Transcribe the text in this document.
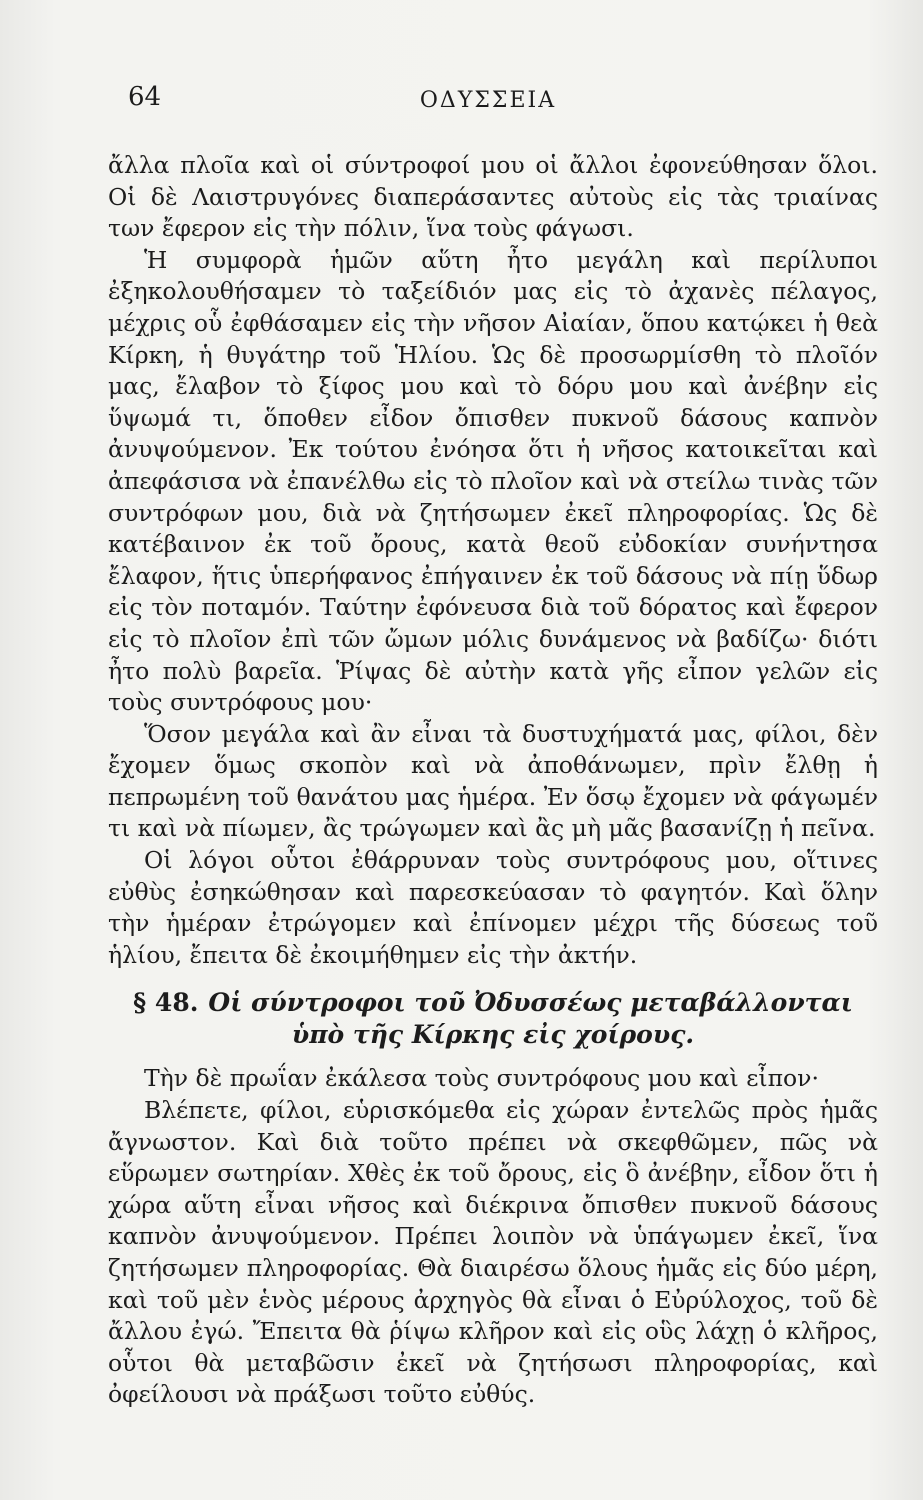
64	ΟΔΥΣΣΕΙΑ

ἄλλα πλοῖα καὶ οἱ σύντροφοί μου οἱ ἄλλοι ἐφονεύθησαν ὅλοι. Οἱ δὲ Λαιστρυγόνες διαπεράσαντες αὐτοὺς εἰς τὰς τριαίνας των ἔφερον εἰς τὴν πόλιν, ἵνα τοὺς φάγωσι.

Ἡ συμφορὰ ἡμῶν αὕτη ἦτο μεγάλη καὶ περίλυποι ἐξηκολουθήσαμεν τὸ ταξείδιόν μας εἰς τὸ ἀχανὲς πέλαγος, μέχρις οὗ ἐφθάσαμεν εἰς τὴν νῆσον Αἰαίαν, ὅπου κατῴκει ἡ θεὰ Κίρκη, ἡ θυγάτηρ τοῦ Ἡλίου. Ὡς δὲ προσωρμίσθη τὸ πλοῖόν μας, ἔλαβον τὸ ξίφος μου καὶ τὸ δόρυ μου καὶ ἀνέβην εἰς ὕψωμά τι, ὅποθεν εἶδον ὄπισθεν πυκνοῦ δάσους καπνὸν ἀνυψούμενον. Ἐκ τούτου ἐνόησα ὅτι ἡ νῆσος κατοικεῖται καὶ ἀπεφάσισα νὰ ἐπανέλθω εἰς τὸ πλοῖον καὶ νὰ στείλω τινὰς τῶν συντρόφων μου, διὰ νὰ ζητήσωμεν ἐκεῖ πληροφορίας. Ὡς δὲ κατέβαινον ἐκ τοῦ ὄρους, κατὰ θεοῦ εὐδοκίαν συνήντησα ἔλαφον, ἥτις ὑπερήφανος ἐπήγαινεν ἐκ τοῦ δάσους νὰ πίῃ ὕδωρ εἰς τὸν ποταμόν. Ταύτην ἐφόνευσα διὰ τοῦ δόρατος καὶ ἔφερον εἰς τὸ πλοῖον ἐπὶ τῶν ὤμων μόλις δυνάμενος νὰ βαδίζω· διότι ἦτο πολὺ βαρεῖα. Ῥίψας δὲ αὐτὴν κατὰ γῆς εἶπον γελῶν εἰς τοὺς συντρόφους μου·

Ὅσον μεγάλα καὶ ἂν εἶναι τὰ δυστυχήματά μας, φίλοι, δὲν ἔχομεν ὅμως σκοπὸν καὶ νὰ ἀποθάνωμεν, πρὶν ἔλθῃ ἡ πεπρωμένη τοῦ θανάτου μας ἡμέρα. Ἐν ὅσῳ ἔχομεν νὰ φάγωμέν τι καὶ νὰ πίωμεν, ἂς τρώγωμεν καὶ ἂς μὴ μᾶς βασανίζῃ ἡ πεῖνα.

Οἱ λόγοι οὗτοι ἐθάρρυναν τοὺς συντρόφους μου, οἵτινες εὐθὺς ἐσηκώθησαν καὶ παρεσκεύασαν τὸ φαγητόν. Καὶ ὅλην τὴν ἡμέραν ἐτρώγομεν καὶ ἐπίνομεν μέχρι τῆς δύσεως τοῦ ἡλίου, ἔπειτα δὲ ἐκοιμήθημεν εἰς τὴν ἀκτήν.

§ 48. Οἱ σύντροφοι τοῦ Ὀδυσσέως μεταβάλλονται ὑπὸ τῆς Κίρκης εἰς χοίρους.

Τὴν δὲ πρωΐαν ἐκάλεσα τοὺς συντρόφους μου καὶ εἶπον·

Βλέπετε, φίλοι, εὑρισκόμεθα εἰς χώραν ἐντελῶς πρὸς ἡμᾶς ἄγνωστον. Καὶ διὰ τοῦτο πρέπει νὰ σκεφθῶμεν, πῶς νὰ εὕρωμεν σωτηρίαν. Χθὲς ἐκ τοῦ ὄρους, εἰς ὃ ἀνέβην, εἶδον ὅτι ἡ χώρα αὕτη εἶναι νῆσος καὶ διέκρινα ὄπισθεν πυκνοῦ δάσους καπνὸν ἀνυψούμενον. Πρέπει λοιπὸν νὰ ὑπάγωμεν ἐκεῖ, ἵνα ζητήσωμεν πληροφορίας. Θὰ διαιρέσω ὅλους ἡμᾶς εἰς δύο μέρη, καὶ τοῦ μὲν ἑνὸς μέρους ἀρχηγὸς θὰ εἶναι ὁ Εὐρύλοχος, τοῦ δὲ ἄλλου ἐγώ. Ἔπειτα θὰ ῥίψω κλῆρον καὶ εἰς οὓς λάχῃ ὁ κλῆρος, οὗτοι θὰ μεταβῶσιν ἐκεῖ νὰ ζητήσωσι πληροφορίας, καὶ ὀφείλουσι νὰ πράξωσι τοῦτο εὐθύς.
